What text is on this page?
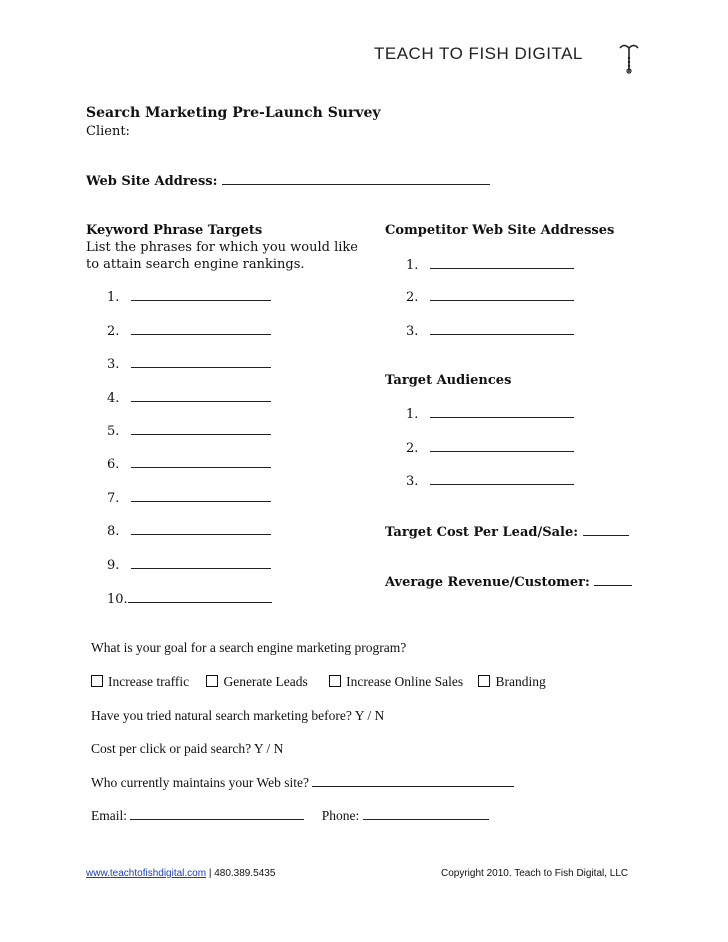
TEACH TO FISH DIGITAL
Search Marketing Pre-Launch Survey
Client:
Web Site Address:
Keyword Phrase Targets
List the phrases for which you would like
to attain search engine rankings.
1.
2.
3.
4.
5.
6.
7.
8.
9.
10.
Competitor Web Site Addresses
1.
2.
3.
Target Audiences
1.
2.
3.
Target Cost Per Lead/Sale:
Average Revenue/Customer:
What is your goal for a search engine marketing program?
Increase traffic	Generate Leads	Increase Online Sales Branding
Have you tried natural search marketing before? Y / N
Cost per click or paid search? Y / N
Who currently maintains your Web site?
Email:	Phone:
www.teachtofishdigital.com | 480.389.5435	Copyright 2010. Teach to Fish Digital, LLC
